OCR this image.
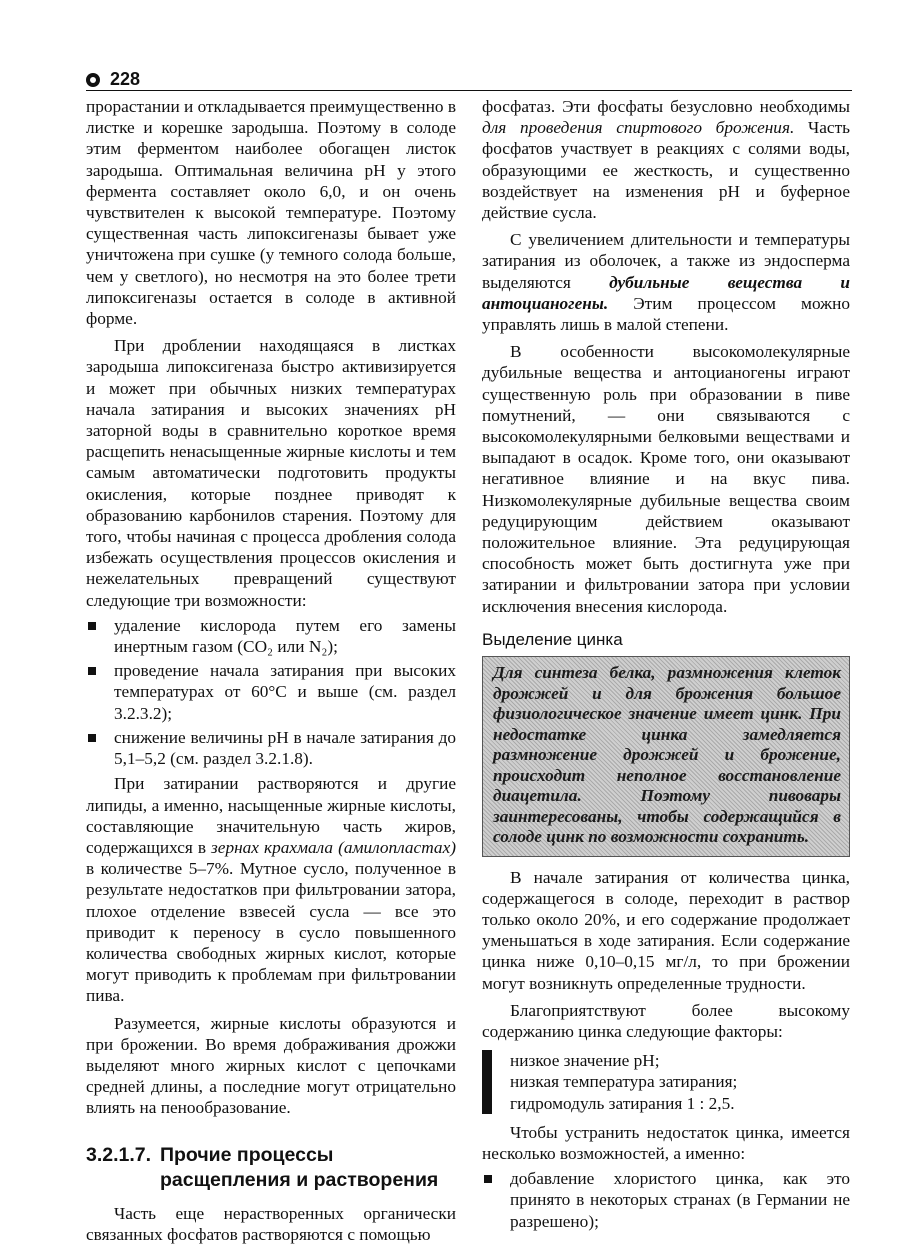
228

прорастании и откладывается преимущественно в листке и корешке зародыша. Поэтому в солоде этим ферментом наиболее обогащен листок зародыша. Оптимальная величина pH у этого фермента составляет около 6,0, и он очень чувствителен к высокой температуре. Поэтому существенная часть липоксигеназы бывает уже уничтожена при сушке (у темного солода больше, чем у светлого), но несмотря на это более трети липоксигеназы остается в солоде в активной форме.

При дроблении находящаяся в листках зародыша липоксигеназа быстро активизируется и может при обычных низких температурах начала затирания и высоких значениях pH заторной воды в сравнительно короткое время расщепить ненасыщенные жирные кислоты и тем самым автоматически подготовить продукты окисления, которые позднее приводят к образованию карбонилов старения. Поэтому для того, чтобы начиная с процесса дробления солода избежать осуществления процессов окисления и нежелательных превращений существуют следующие три возможности:

удаление кислорода путем его замены инертным газом (CO₂ или N₂);
проведение начала затирания при высоких температурах от 60°С и выше (см. раздел 3.2.3.2);
снижение величины pH в начале затирания до 5,1–5,2 (см. раздел 3.2.1.8).

При затирании растворяются и другие липиды, а именно, насыщенные жирные кислоты, составляющие значительную часть жиров, содержащихся в зернах крахмала (амилопластах) в количестве 5–7%. Мутное сусло, полученное в результате недостатков при фильтровании затора, плохое отделение взвесей сусла — все это приводит к переносу в сусло повышенного количества свободных жирных кислот, которые могут приводить к проблемам при фильтровании пива.

Разумеется, жирные кислоты образуются и при брожении. Во время дображивания дрожжи выделяют много жирных кислот с цепочками средней длины, а последние могут отрицательно влиять на пенообразование.

3.2.1.7. Прочие процессы
расщепления и растворения

Часть еще нерастворенных органически связанных фосфатов растворяются с помощью

фосфатаз. Эти фосфаты безусловно необходимы для проведения спиртового брожения. Часть фосфатов участвует в реакциях с солями воды, образующими ее жесткость, и существенно воздействует на изменения pH и буферное действие сусла.

С увеличением длительности и температуры затирания из оболочек, а также из эндосперма выделяются дубильные вещества и антоцианогены. Этим процессом можно управлять лишь в малой степени.

В особенности высокомолекулярные дубильные вещества и антоцианогены играют существенную роль при образовании в пиве помутнений, — они связываются с высокомолекулярными белковыми веществами и выпадают в осадок. Кроме того, они оказывают негативное влияние и на вкус пива. Низкомолекулярные дубильные вещества своим редуцирующим действием оказывают положительное влияние. Эта редуцирующая способность может быть достигнута уже при затирании и фильтровании затора при условии исключения внесения кислорода.

Выделение цинка
Для синтеза белка, размножения клеток дрожжей и для брожения большое физиологическое значение имеет цинк. При недостатке цинка замедляется размножение дрожжей и брожение, происходит неполное восстановление диацетила. Поэтому пивовары заинтересованы, чтобы содержащийся в солоде цинк по возможности сохранить.

В начале затирания от количества цинка, содержащегося в солоде, переходит в раствор только около 20%, и его содержание продолжает уменьшаться в ходе затирания. Если содержание цинка ниже 0,10–0,15 мг/л, то при брожении могут возникнуть определенные трудности.

Благоприятствуют более высокому содержанию цинка следующие факторы:

низкое значение pH;
низкая температура затирания;
гидромодуль затирания 1 : 2,5.

Чтобы устранить недостаток цинка, имеется несколько возможностей, а именно:

добавление хлористого цинка, как это принято в некоторых странах (в Германии не разрешено);
